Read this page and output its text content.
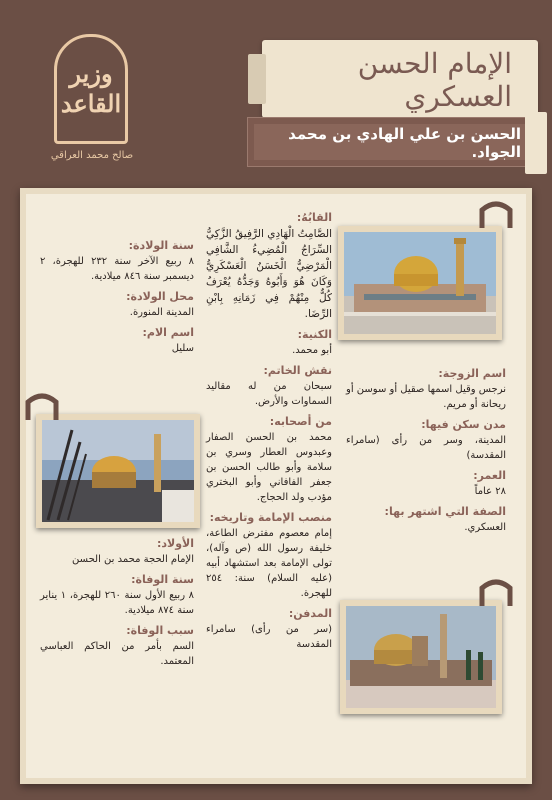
وزير
القاعد
صالح محمد العراقي
الإمام الحسن العسكري
الحسن بن علي الهادي بن محمد الجواد.
القابُهُ:
الصَّامِتُ الْهَادِي الرَّفِيقُ الزَّكِيُّ السِّرَاجُ الْمُضِيءُ الشَّافِي الْمَرْضِيُّ الْخَسَنُ الْعَسْكَرِيُّ وَكَانَ هُوَ وَأَبُوهُ وَجَدُّهُ يُعْرَفُ كُلٌّ مِنْهُمْ فِي زَمَانِهِ بِابْنِ الرِّضَا.
الكنية:
أبو محمد.
نقش الخاتم:
سبحان من له مقاليد السماوات والأرض.
من أصحابه:
محمد بن الحسن الصفار وعبدوس العطار وسري بن سلامة وأبو طالب الحسن بن جعفر الفافاني وأبو البختري مؤدب ولد الحجاج.
منصب الإمامة وتاريخه:
إمام معصوم مفترض الطاعة، خليفة رسول الله (ص وآله)، تولى الإمامة بعد استشهاد أبيه (عليه السلام) سنة: ٢٥٤ للهجرة.
المدفن:
(سر من رأى) سامراء المقدسة
سنة الولادة:
٨ ربيع الآخر سنة ٢٣٢ للهجرة، ٢ ديسمبر سنة ٨٤٦ ميلادية.
محل الولادة:
المدينة المنورة.
اسم الام:
سليل
الأولاد:
الإمام الحجة محمد بن الحسن
سنة الوفاة:
٨ ربيع الأول سنة ٢٦٠ للهجرة، ١ يناير سنة ٨٧٤ ميلادية.
سبب الوفاة:
السم بأمر من الحاكم العباسي المعتمد.
اسم الزوجة:
نرجس وقيل اسمها صقيل أو سوسن أو ريحانة أو مريم.
مدن سكن فيها:
المدينة، وسر من رأى (سامراء المقدسة)
العمر:
٢٨ عاماً
الصفة التي اشتهر بها:
العسكري.
